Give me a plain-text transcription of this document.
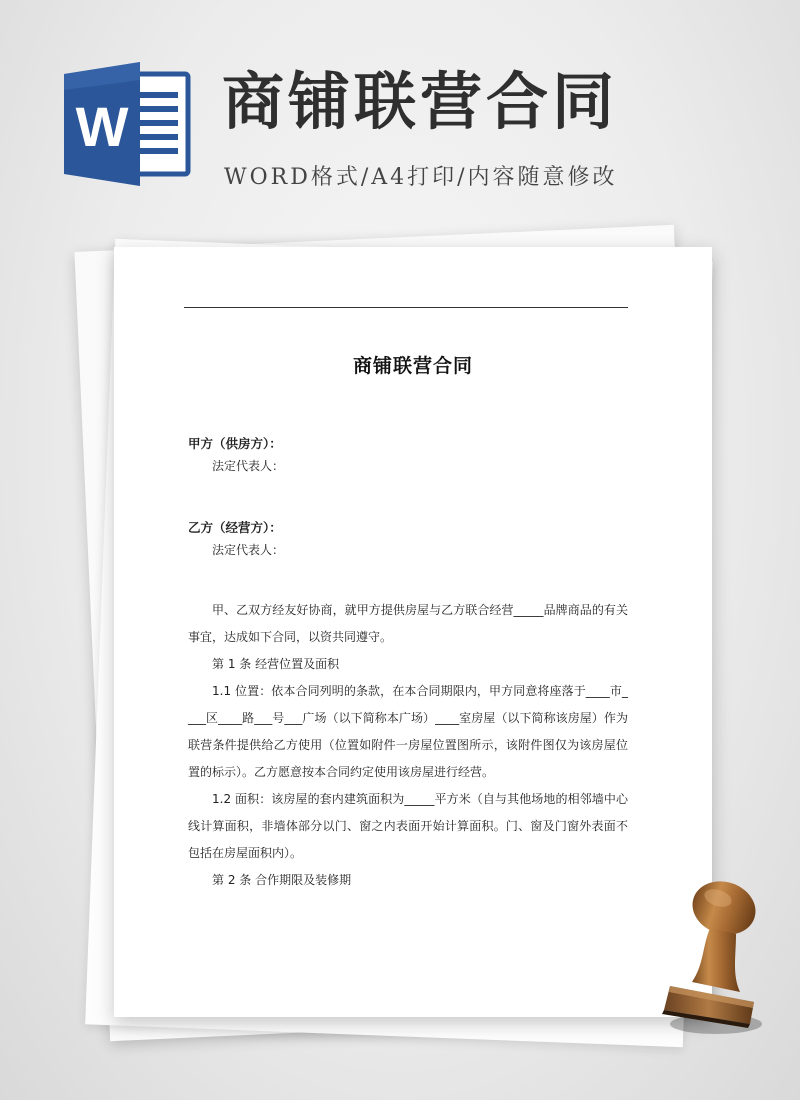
W 商铺联营合同
WORD格式/A4打印/内容随意修改
商铺联营合同

甲方（供房方）：

法定代表人：

乙方（经营方）：

法定代表人：

甲、乙双方经友好协商，就甲方提供房屋与乙方联合经营_____品牌商品的有关事宜，达成如下合同，以资共同遵守。

第 1 条 经营位置及面积

1.1 位置：依本合同列明的条款，在本合同期限内，甲方同意将座落于____市____区____路___号___广场（以下简称本广场）____室房屋（以下简称该房屋）作为联营条件提供给乙方使用（位置如附件一房屋位置图所示，该附件图仅为该房屋位置的标示）。乙方愿意按本合同约定使用该房屋进行经营。

1.2 面积：该房屋的套内建筑面积为_____平方米（自与其他场地的相邻墙中心线计算面积，非墙体部分以门、窗之内表面开始计算面积。门、窗及门窗外表面不包括在房屋面积内）。

第 2 条 合作期限及装修期
